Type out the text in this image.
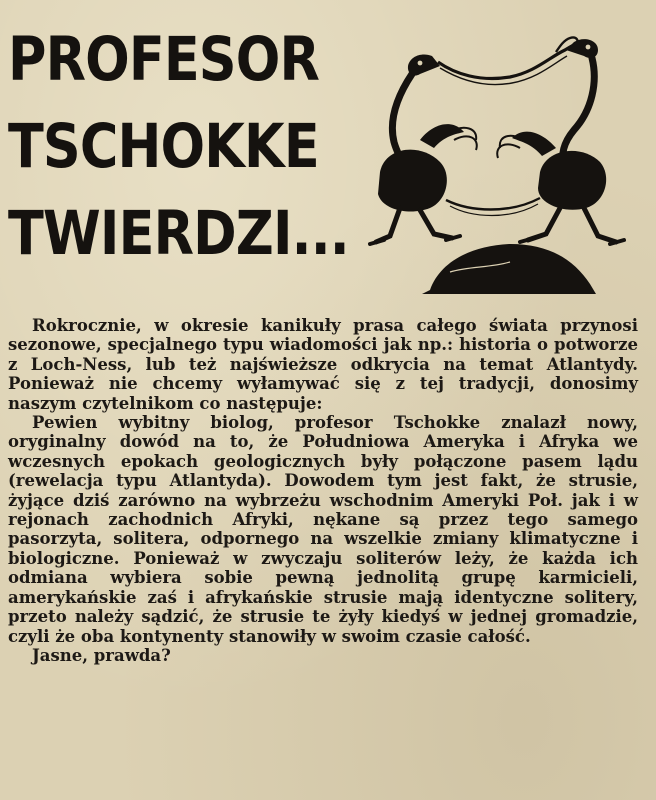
PROFESOR
TSCHOKKE
TWIERDZI...

Rokrocznie, w okresie kanikuły prasa całego świata przynosi sezonowe, specjalnego typu wiadomości jak np.: historia o potworze z Loch-Ness, lub też najświeższe odkrycia na temat Atlantydy. Ponieważ nie chcemy wyłamywać się z tej tradycji, donosimy naszym czytelnikom co następuje:

Pewien wybitny biolog, profesor Tschokke znalazł nowy, oryginalny dowód na to, że Południowa Ameryka i Afryka we wczesnych epokach geologicznych były połączone pasem lądu (rewelacja typu Atlantyda). Dowodem tym jest fakt, że strusie, żyjące dziś zarówno na wybrzeżu wschodnim Ameryki Poł. jak i w rejonach zachodnich Afryki, nękane są przez tego samego pasorzyta, solitera, odpornego na wszelkie zmiany klimatyczne i biologiczne. Ponieważ w zwyczaju soliterów leży, że każda ich odmiana wybiera sobie pewną jednolitą grupę karmicieli, amerykańskie zaś i afrykańskie strusie mają identyczne solitery, przeto należy sądzić, że strusie te żyły kiedyś w jednej gromadzie, czyli że oba kontynenty stanowiły w swoim czasie całość.

Jasne, prawda?
